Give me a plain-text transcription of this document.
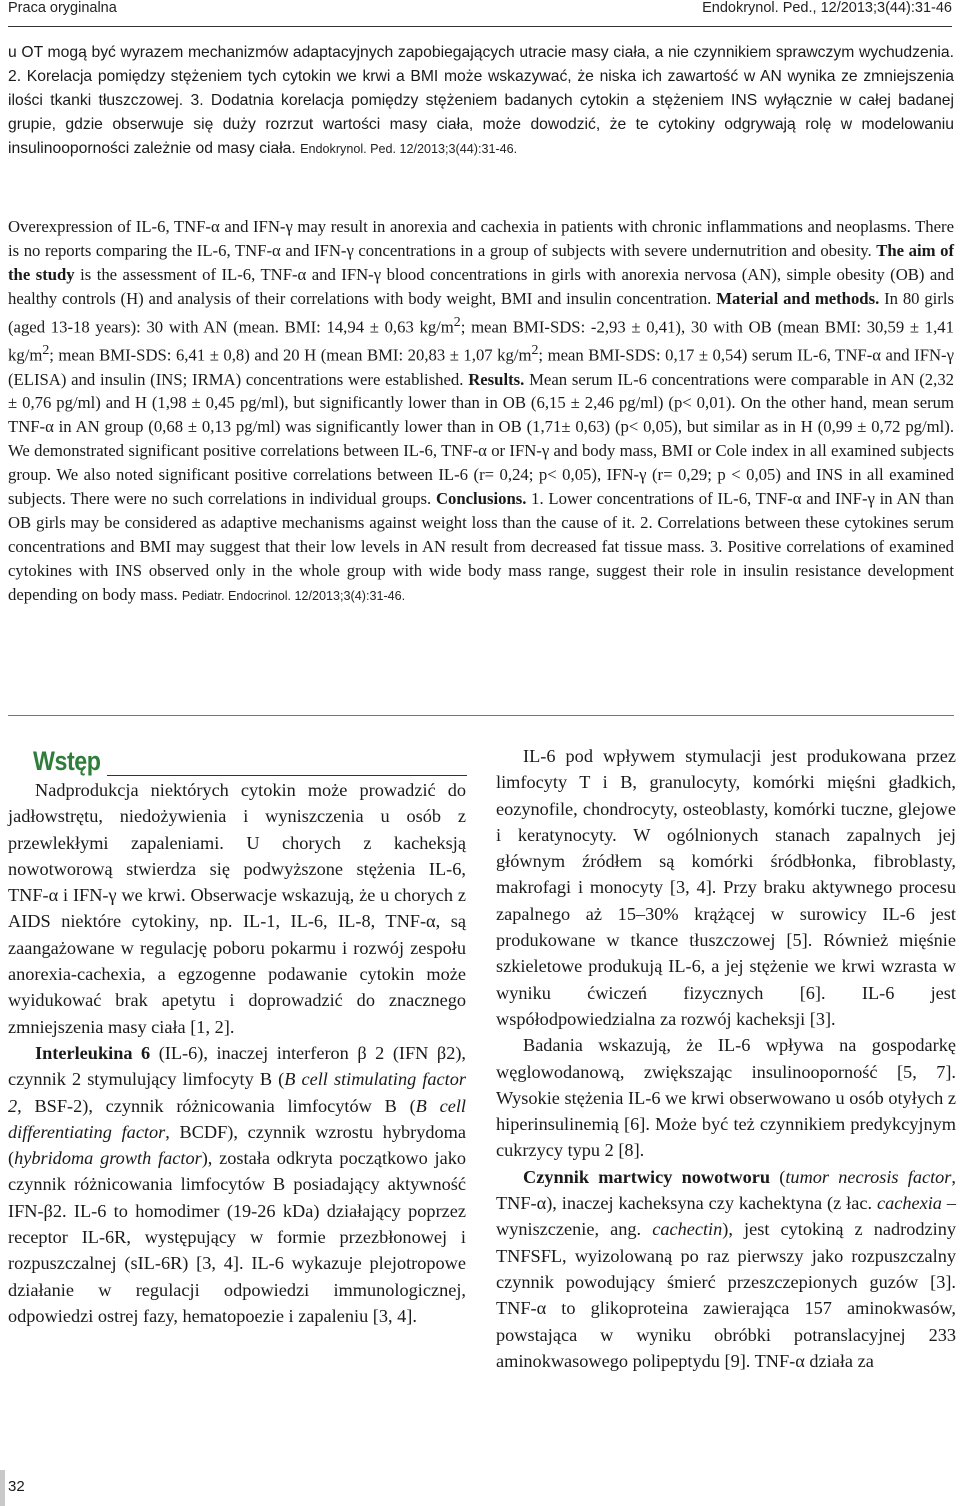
Praca oryginalna	Endokrynol. Ped., 12/2013;3(44):31-46

u OT mogą być wyrazem mechanizmów adaptacyjnych zapobiegających utracie masy ciała, a nie czynnikiem sprawczym wychudzenia. 2. Korelacja pomiędzy stężeniem tych cytokin we krwi a BMI może wskazywać, że niska ich zawartość w AN wynika ze zmniejszenia ilości tkanki tłuszczowej. 3. Dodatnia korelacja pomiędzy stężeniem badanych cytokin a stężeniem INS wyłącznie w całej badanej grupie, gdzie obserwuje się duży rozrzut wartości masy ciała, może dowodzić, że te cytokiny odgrywają rolę w modelowaniu insulinooporności zależnie od masy ciała. Endokrynol. Ped. 12/2013;3(44):31-46.

Overexpression of IL-6, TNF-α and IFN-γ may result in anorexia and cachexia in patients with chronic inflammations and neoplasms. There is no reports comparing the IL-6, TNF-α and IFN-γ concentrations in a group of subjects with severe undernutrition and obesity. The aim of the study is the assessment of IL-6, TNF-α and IFN-γ blood concentrations in girls with anorexia nervosa (AN), simple obesity (OB) and healthy controls (H) and analysis of their correlations with body weight, BMI and insulin concentration. Material and methods. In 80 girls (aged 13-18 years): 30 with AN (mean. BMI: 14,94 ± 0,63 $kg/m^2$; mean BMI-SDS: -2,93 ± 0,41), 30 with OB (mean BMI: 30,59 ± 1,41 $kg/m^2$; mean BMI-SDS: 6,41 ± 0,8) and 20 H (mean BMI: 20,83 ± 1,07 $kg/m^2$; mean BMI-SDS: 0,17 ± 0,54) serum IL-6, TNF-α and IFN-γ (ELISA) and insulin (INS; IRMA) concentrations were established. Results. Mean serum IL-6 concentrations were comparable in AN (2,32 ± 0,76 pg/ml) and H (1,98 ± 0,45 pg/ml), but significantly lower than in OB (6,15 ± 2,46 pg/ml) (p< 0,01). On the other hand, mean serum TNF-α in AN group (0,68 ± 0,13 pg/ml) was significantly lower than in OB (1,71± 0,63) (p< 0,05), but similar as in H (0,99 ± 0,72 pg/ml). We demonstrated significant positive correlations between IL-6, TNF-α or IFN-γ and body mass, BMI or Cole index in all examined subjects group. We also noted significant positive correlations between IL-6 (r= 0,24; p< 0,05), IFN-γ (r= 0,29; p < 0,05) and INS in all examined subjects. There were no such correlations in individual groups. Conclusions. 1. Lower concentrations of IL-6, TNF-α and INF-γ in AN than OB girls may be considered as adaptive mechanisms against weight loss than the cause of it. 2. Correlations between these cytokines serum concentrations and BMI may suggest that their low levels in AN result from decreased fat tissue mass. 3. Positive correlations of examined cytokines with INS observed only in the whole group with wide body mass range, suggest their role in insulin resistance development depending on body mass. Pediatr. Endocrinol. 12/2013;3(4):31-46.

Wstęp

Nadprodukcja niektórych cytokin może prowadzić do jadłowstrętu, niedożywienia i wyniszczenia u osób z przewlekłymi zapaleniami. U chorych z kacheksją nowotworową stwierdza się podwyższone stężenia IL-6, TNF-α i IFN-γ we krwi. Obserwacje wskazują, że u chorych z AIDS niektóre cytokiny, np. IL-1, IL-6, IL-8, TNF-α, są zaangażowane w regulację poboru pokarmu i rozwój zespołu anorexia-cachexia, a egzogenne podawanie cytokin może wyidukować brak apetytu i doprowadzić do znacznego zmniejszenia masy ciała [1, 2].

Interleukina 6 (IL-6), inaczej interferon β 2 (IFN β2), czynnik 2 stymulujący limfocyty B (B cell stimulating factor 2, BSF-2), czynnik różnicowania limfocytów B (B cell differentiating factor, BCDF), czynnik wzrostu hybrydoma (hybridoma growth factor), została odkryta początkowo jako czynnik różnicowania limfocytów B posiadający aktywność IFN-β2. IL-6 to homodimer (19-26 kDa) działający poprzez receptor IL-6R, występujący w formie przezbłonowej i rozpuszczalnej (sIL-6R) [3, 4]. IL-6 wykazuje plejotropowe działanie w regulacji odpowiedzi immunologicznej, odpowiedzi ostrej fazy, hematopoezie i zapaleniu [3, 4].

IL-6 pod wpływem stymulacji jest produkowana przez limfocyty T i B, granulocyty, komórki mięśni gładkich, eozynofile, chondrocyty, osteoblasty, komórki tuczne, glejowe i keratynocyty. W ogólnionych stanach zapalnych jej głównym źródłem są komórki śródbłonka, fibroblasty, makrofagi i monocyty [3, 4]. Przy braku aktywnego procesu zapalnego aż 15–30% krążącej w surowicy IL-6 jest produkowane w tkance tłuszczowej [5]. Również mięśnie szkieletowe produkują IL-6, a jej stężenie we krwi wzrasta w wyniku ćwiczeń fizycznych [6]. IL-6 jest współodpowiedzialna za rozwój kacheksji [3].

Badania wskazują, że IL-6 wpływa na gospodarkę węglowodanową, zwiększając insulinooporność [5, 7]. Wysokie stężenia IL-6 we krwi obserwowano u osób otyłych z hiperinsulinemią [6]. Może być też czynnikiem predykcyjnym cukrzycy typu 2 [8].

Czynnik martwicy nowotworu (tumor necrosis factor, TNF-α), inaczej kacheksyna czy kachektyna (z łac. cachexia – wyniszczenie, ang. cachectin), jest cytokiną z nadrodziny TNFSFL, wyizolowaną po raz pierwszy jako rozpuszczalny czynnik powodujący śmierć przeszczepionych guzów [3]. TNF-α to glikoproteina zawierająca 157 aminokwasów, powstająca w wyniku obróbki potranslacyjnej 233 aminokwasowego polipeptydu [9]. TNF-α działa za

32
